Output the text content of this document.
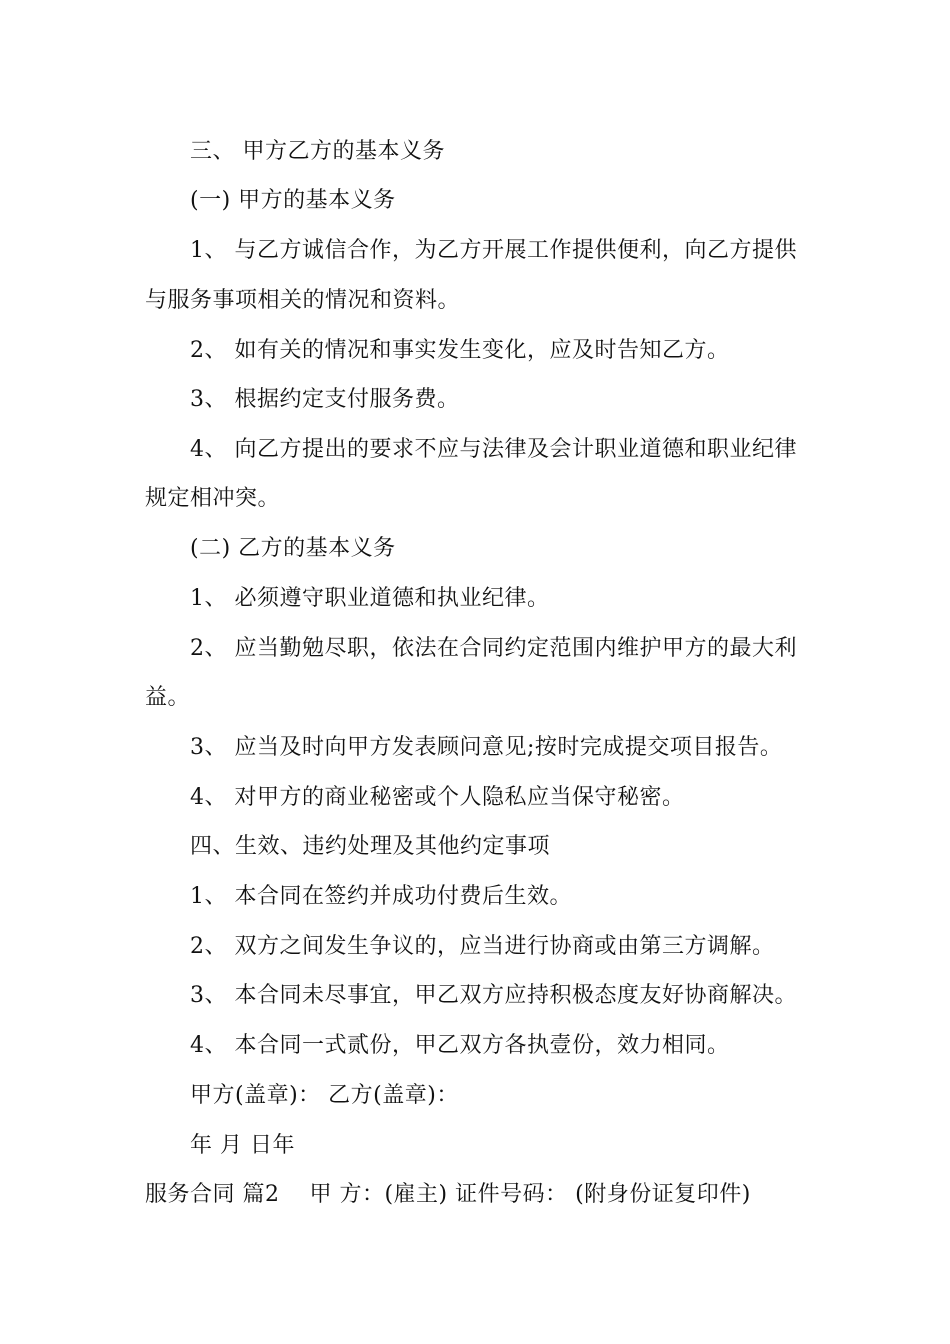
三、 甲方乙方的基本义务
(一) 甲方的基本义务
1、 与乙方诚信合作，为乙方开展工作提供便利，向乙方提供
与服务事项相关的情况和资料。
2、 如有关的情况和事实发生变化，应及时告知乙方。
3、 根据约定支付服务费。
4、 向乙方提出的要求不应与法律及会计职业道德和职业纪律
规定相冲突。
(二) 乙方的基本义务
1、 必须遵守职业道德和执业纪律。
2、 应当勤勉尽职，依法在合同约定范围内维护甲方的最大利
益。
3、 应当及时向甲方发表顾问意见;按时完成提交项目报告。
4、 对甲方的商业秘密或个人隐私应当保守秘密。
四、生效、违约处理及其他约定事项
1、 本合同在签约并成功付费后生效。
2、 双方之间发生争议的，应当进行协商或由第三方调解。
3、 本合同未尽事宜，甲乙双方应持积极态度友好协商解决。
4、 本合同一式贰份，甲乙双方各执壹份，效力相同。
甲方(盖章)： 乙方(盖章)：
年 月 日年
服务合同 篇2    甲 方：(雇主) 证件号码： (附身份证复印件)
